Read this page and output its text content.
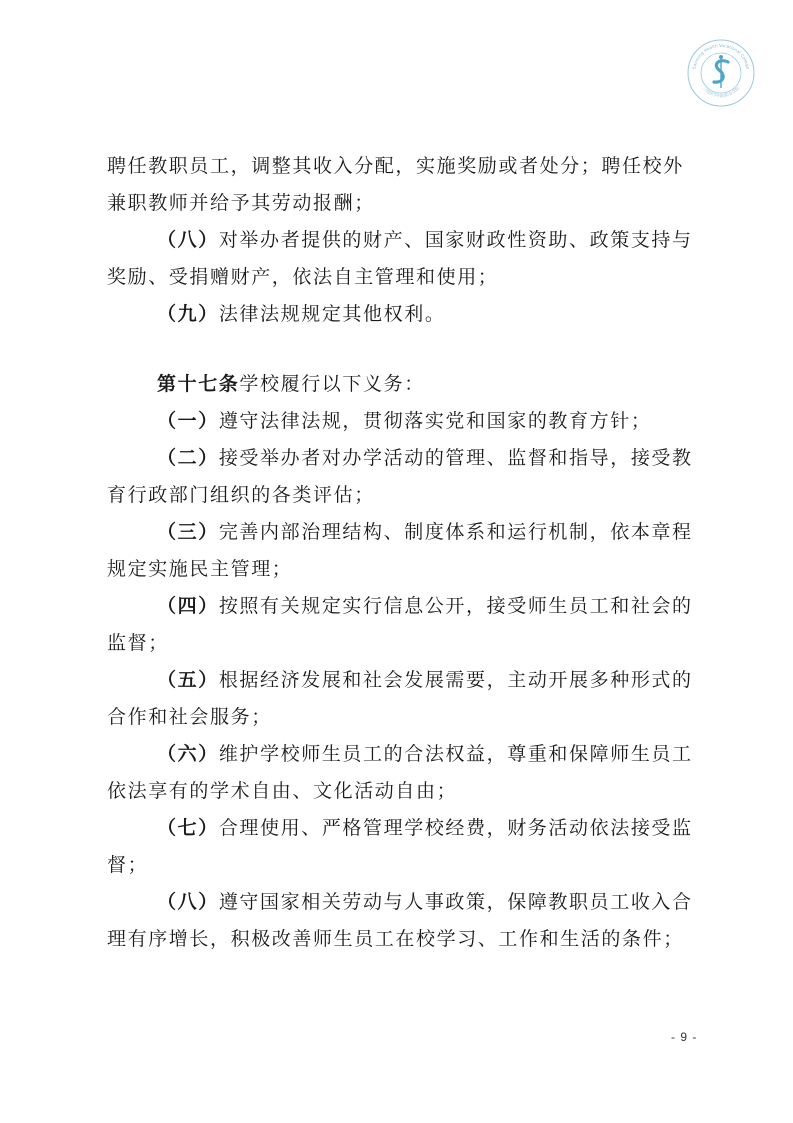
Sanming Health Vocational College
三明医学科技职业学院
聘任教职员工，调整其收入分配，实施奖励或者处分；聘任校外
兼职教师并给予其劳动报酬；
（八）对举办者提供的财产、国家财政性资助、政策支持与
奖励、受捐赠财产，依法自主管理和使用；
（九）法律法规规定其他权利。
第十七条学校履行以下义务：
（一）遵守法律法规，贯彻落实党和国家的教育方针；
（二）接受举办者对办学活动的管理、监督和指导，接受教
育行政部门组织的各类评估；
（三）完善内部治理结构、制度体系和运行机制，依本章程
规定实施民主管理；
（四）按照有关规定实行信息公开，接受师生员工和社会的
监督；
（五）根据经济发展和社会发展需要，主动开展多种形式的
合作和社会服务；
（六）维护学校师生员工的合法权益，尊重和保障师生员工
依法享有的学术自由、文化活动自由；
（七）合理使用、严格管理学校经费，财务活动依法接受监
督；
（八）遵守国家相关劳动与人事政策，保障教职员工收入合
理有序增长，积极改善师生员工在校学习、工作和生活的条件；
- 9 -
